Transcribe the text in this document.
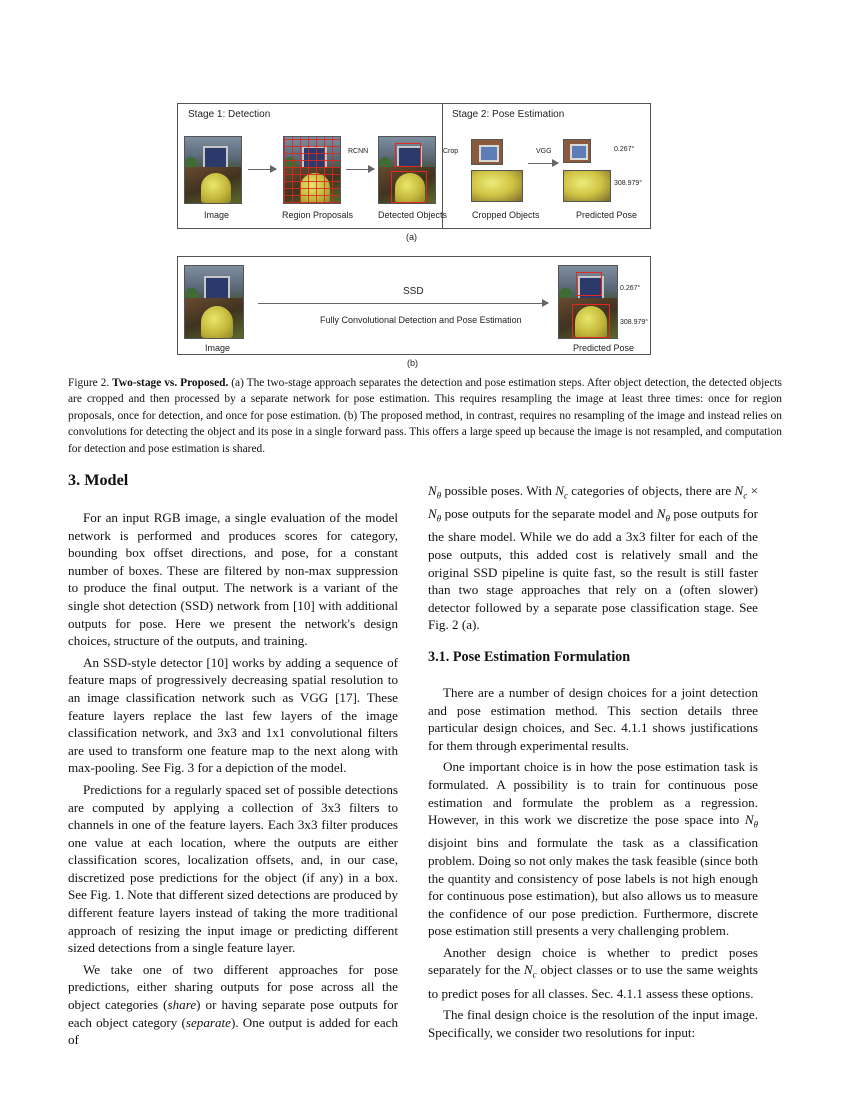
Stage 1: Detection	Stage 2: Pose Estimation
RCNN
Image	Region Proposals	Detected Objects
Crop	VGG	0.267°
308.979°
Cropped Objects	Predicted Pose
(a)
Image
SSD
Fully Convolutional Detection and Pose Estimation
0.267°
308.979°
Predicted Pose
(b)
Figure 2. Two-stage vs. Proposed. (a) The two-stage approach separates the detection and pose estimation steps. After object detection, the detected objects are cropped and then processed by a separate network for pose estimation. This requires resampling the image at least three times: once for region proposals, once for detection, and once for pose estimation. (b) The proposed method, in contrast, requires no resampling of the image and instead relies on convolutions for detecting the object and its pose in a single forward pass. This offers a large speed up because the image is not resampled, and computation for detection and pose estimation is shared.
3. Model

For an input RGB image, a single evaluation of the model network is performed and produces scores for category, bounding box offset directions, and pose, for a constant number of boxes. These are filtered by non-max suppression to produce the final output. The network is a variant of the single shot detection (SSD) network from [10] with additional outputs for pose. Here we present the network's design choices, structure of the outputs, and training.

An SSD-style detector [10] works by adding a sequence of feature maps of progressively decreasing spatial resolution to an image classification network such as VGG [17]. These feature layers replace the last few layers of the image classification network, and 3x3 and 1x1 convolutional filters are used to transform one feature map to the next along with max-pooling. See Fig. 3 for a depiction of the model.

Predictions for a regularly spaced set of possible detections are computed by applying a collection of 3x3 filters to channels in one of the feature layers. Each 3x3 filter produces one value at each location, where the outputs are either classification scores, localization offsets, and, in our case, discretized pose predictions for the object (if any) in a box. See Fig. 1. Note that different sized detections are produced by different feature layers instead of taking the more traditional approach of resizing the input image or predicting different sized detections from a single feature layer.

We take one of two different approaches for pose predictions, either sharing outputs for pose across all the object categories (share) or having separate pose outputs for each object category (separate). One output is added for each of

$N_\theta$ possible poses. With $N_c$ categories of objects, there are $N_c \times N_\theta$ pose outputs for the separate model and $N_\theta$ pose outputs for the share model. While we do add a 3x3 filter for each of the pose outputs, this added cost is relatively small and the original SSD pipeline is quite fast, so the result is still faster than two stage approaches that rely on a (often slower) detector followed by a separate pose classification stage. See Fig. 2 (a).

3.1. Pose Estimation Formulation

There are a number of design choices for a joint detection and pose estimation method. This section details three particular design choices, and Sec. 4.1.1 shows justifications for them through experimental results.

One important choice is in how the pose estimation task is formulated. A possibility is to train for continuous pose estimation and formulate the problem as a regression. However, in this work we discretize the pose space into $N_\theta$ disjoint bins and formulate the task as a classification problem. Doing so not only makes the task feasible (since both the quantity and consistency of pose labels is not high enough for continuous pose estimation), but also allows us to measure the confidence of our pose prediction. Furthermore, discrete pose estimation still presents a very challenging problem.

Another design choice is whether to predict poses separately for the $N_c$ object classes or to use the same weights to predict poses for all classes. Sec. 4.1.1 assess these options.

The final design choice is the resolution of the input image. Specifically, we consider two resolutions for input:
